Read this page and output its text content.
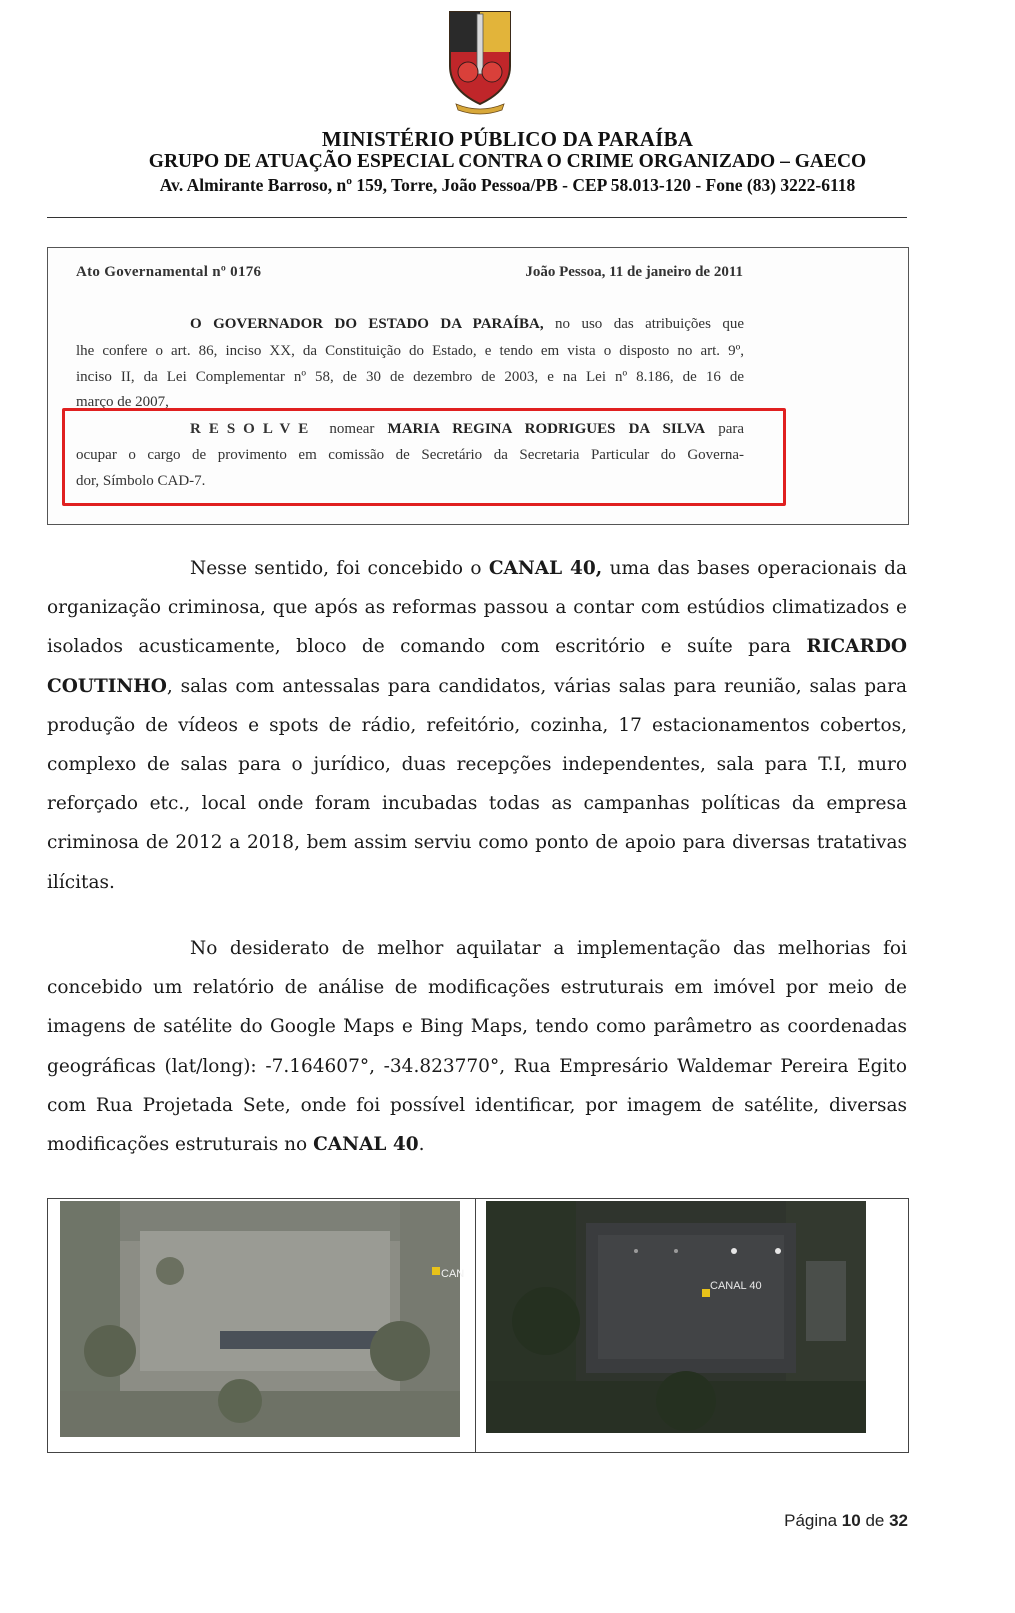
MINISTÉRIO PÚBLICO DA PARAÍBA
GRUPO DE ATUAÇÃO ESPECIAL CONTRA O CRIME ORGANIZADO – GAECO
Av. Almirante Barroso, nº 159, Torre, João Pessoa/PB - CEP 58.013-120 - Fone (83) 3222-6118
Ato Governamental nº 0176	João Pessoa, 11 de janeiro de 2011
O GOVERNADOR DO ESTADO DA PARAÍBA, no uso das atribuições que
lhe confere o art. 86, inciso XX, da Constituição do Estado, e tendo em vista o disposto no art. 9º,
inciso II, da Lei Complementar nº 58, de 30 de dezembro de 2003, e na Lei nº 8.186, de 16 de
março de 2007,
RESOLVE nomear MARIA REGINA RODRIGUES DA SILVA para
ocupar o cargo de provimento em comissão de Secretário da Secretaria Particular do Governa-
dor, Símbolo CAD-7.
Nesse sentido, foi concebido o CANAL 40, uma das bases operacionais da organização criminosa, que após as reformas passou a contar com estúdios climatizados e isolados acusticamente, bloco de comando com escritório e suíte para RICARDO COUTINHO, salas com antessalas para candidatos, várias salas para reunião, salas para produção de vídeos e spots de rádio, refeitório, cozinha, 17 estacionamentos cobertos, complexo de salas para o jurídico, duas recepções independentes, sala para T.I, muro reforçado etc., local onde foram incubadas todas as campanhas políticas da empresa criminosa de 2012 a 2018, bem assim serviu como ponto de apoio para diversas tratativas ilícitas.
No desiderato de melhor aquilatar a implementação das melhorias foi concebido um relatório de análise de modificações estruturais em imóvel por meio de imagens de satélite do Google Maps e Bing Maps, tendo como parâmetro as coordenadas geográficas (lat/long): -7.164607°, -34.823770°, Rua Empresário Waldemar Pereira Egito com Rua Projetada Sete, onde foi possível identificar, por imagem de satélite, diversas modificações estruturais no CANAL 40.
CAN
CANAL 40
Página 10 de 32
